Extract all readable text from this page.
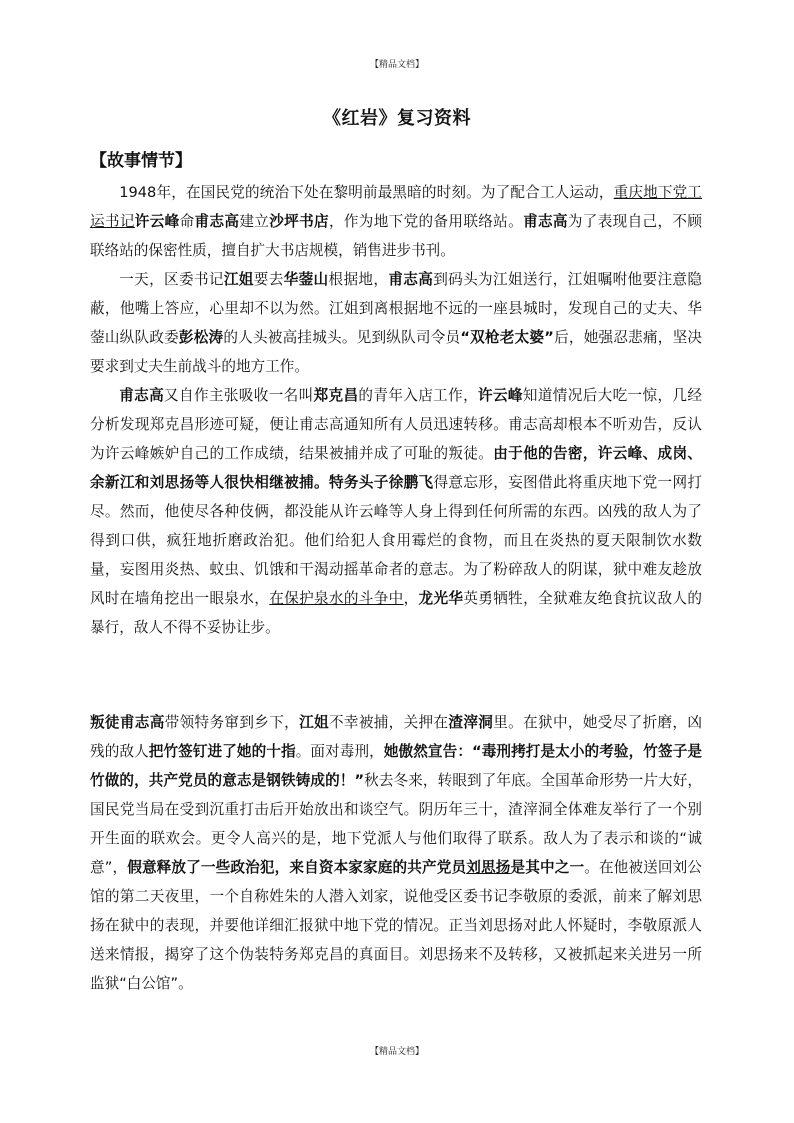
【精品文档】
《红岩》复习资料
【故事情节】

1948年，在国民党的统治下处在黎明前最黑暗的时刻。为了配合工人运动，重庆地下党工运书记许云峰命甫志高建立沙坪书店，作为地下党的备用联络站。甫志高为了表现自己，不顾联络站的保密性质，擅自扩大书店规模，销售进步书刊。

一天，区委书记江姐要去华蓥山根据地，甫志高到码头为江姐送行，江姐嘱咐他要注意隐蔽，他嘴上答应，心里却不以为然。江姐到离根据地不远的一座县城时，发现自己的丈夫、华蓥山纵队政委彭松涛的人头被高挂城头。见到纵队司令员“双枪老太婆”后，她强忍悲痛，坚决要求到丈夫生前战斗的地方工作。

甫志高又自作主张吸收一名叫郑克昌的青年入店工作，许云峰知道情况后大吃一惊，几经分析发现郑克昌形迹可疑，便让甫志高通知所有人员迅速转移。甫志高却根本不听劝告，反认为许云峰嫉妒自己的工作成绩，结果被捕并成了可耻的叛徒。由于他的告密，许云峰、成岗、余新江和刘思扬等人很快相继被捕。特务头子徐鹏飞得意忘形，妄图借此将重庆地下党一网打尽。然而，他使尽各种伎俩，都没能从许云峰等人身上得到任何所需的东西。凶残的敌人为了得到口供，疯狂地折磨政治犯。他们给犯人食用霉烂的食物，而且在炎热的夏天限制饮水数量，妄图用炎热、蚊虫、饥饿和干渴动摇革命者的意志。为了粉碎敌人的阴谋，狱中难友趁放风时在墙角挖出一眼泉水，在保护泉水的斗争中，龙光华英勇牺牲，全狱难友绝食抗议敌人的暴行，敌人不得不妥协让步。

叛徒甫志高带领特务窜到乡下，江姐不幸被捕，关押在渣滓洞里。在狱中，她受尽了折磨，凶残的敌人把竹签钉进了她的十指。面对毒刑，她傲然宣告：“毒刑拷打是太小的考验，竹签子是竹做的，共产党员的意志是钢铁铸成的！”秋去冬来，转眼到了年底。全国革命形势一片大好，国民党当局在受到沉重打击后开始放出和谈空气。阴历年三十，渣滓洞全体难友举行了一个别开生面的联欢会。更令人高兴的是，地下党派人与他们取得了联系。敌人为了表示和谈的“诚意”，假意释放了一些政治犯，来自资本家家庭的共产党员刘思扬是其中之一。在他被送回刘公馆的第二天夜里，一个自称姓朱的人潜入刘家，说他受区委书记李敬原的委派，前来了解刘思扬在狱中的表现，并要他详细汇报狱中地下党的情况。正当刘思扬对此人怀疑时，李敬原派人送来情报，揭穿了这个伪装特务郑克昌的真面目。刘思扬来不及转移，又被抓起来关进另一所监狱“白公馆”。

【精品文档】
